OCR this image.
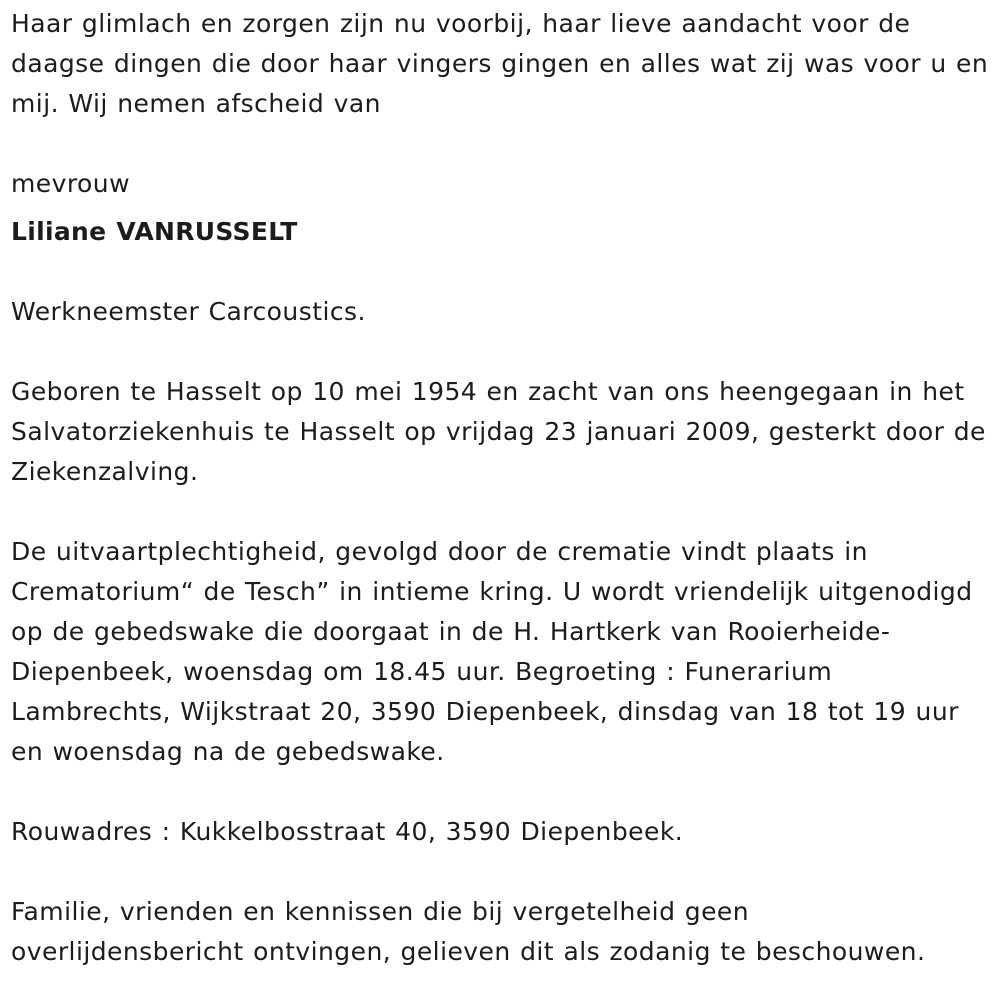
Haar glimlach en zorgen zijn nu voorbij, haar lieve aandacht voor de daagse dingen die door haar vingers gingen en alles wat zij was voor u en mij. Wij nemen afscheid van

mevrouw

Liliane VANRUSSELT

Werkneemster Carcoustics.

Geboren te Hasselt op 10 mei 1954 en zacht van ons heengegaan in het Salvatorziekenhuis te Hasselt op vrijdag 23 januari 2009, gesterkt door de Ziekenzalving.

De uitvaartplechtigheid, gevolgd door de crematie vindt plaats in Crematorium“ de Tesch” in intieme kring. U wordt vriendelijk uitgenodigd op de gebedswake die doorgaat in de H. Hartkerk van Rooierheide-Diepenbeek, woensdag om 18.45 uur. Begroeting : Funerarium Lambrechts, Wijkstraat 20, 3590 Diepenbeek, dinsdag van 18 tot 19 uur en woensdag na de gebedswake.

Rouwadres : Kukkelbosstraat 40, 3590 Diepenbeek.

Familie, vrienden en kennissen die bij vergetelheid geen overlijdensbericht ontvingen, gelieven dit als zodanig te beschouwen.
